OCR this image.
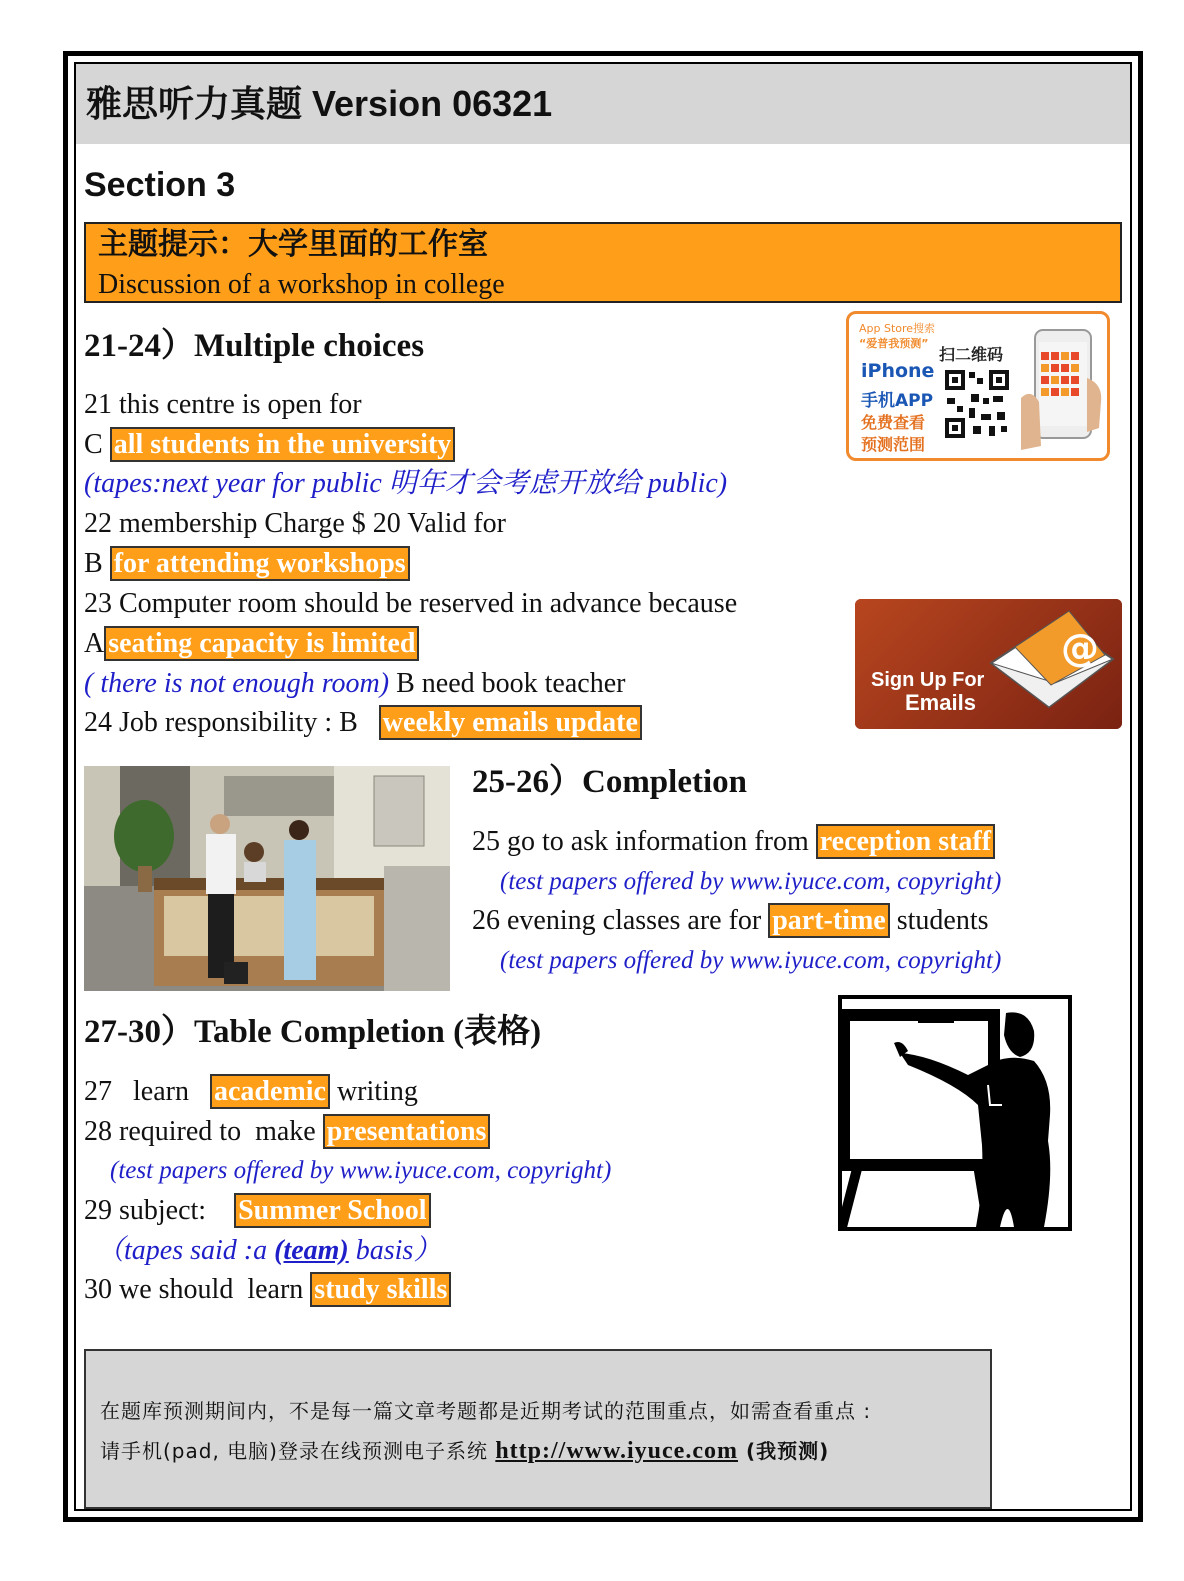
雅思听力真题 Version 06321
Section 3
主题提示：大学里面的工作室
Discussion of a workshop in college
21-24）Multiple choices
21 this centre is open for
C all students in the university
(tapes:next year for public 明年才会考虑开放给 public)
22 membership Charge $ 20 Valid for
B for attending workshops
23 Computer room should be reserved in advance because
A seating capacity is limited
( there is not enough room) B need book teacher
24 Job responsibility : B weekly emails update
App Store搜索
“爱普我预测”
iPhone
手机APP
免费查看
预测范围
扫二维码
@
Sign Up For
Emails
25-26）Completion
25 go to ask information from reception staff
(test papers offered by www.iyuce.com, copyright)
26 evening classes are for part-time students
(test papers offered by www.iyuce.com, copyright)
27-30）Table Completion (表格)
27   learn   academic writing
28 required to  make presentations
(test papers offered by www.iyuce.com, copyright)
29 subject:    Summer School
（tapes said :a (team) basis）
30 we should  learn study skills
在题库预测期间内，不是每一篇文章考题都是近期考试的范围重点，如需查看重点 :
请手机(pad, 电脑)登录在线预测电子系统 http://www.iyuce.com (我预测)
